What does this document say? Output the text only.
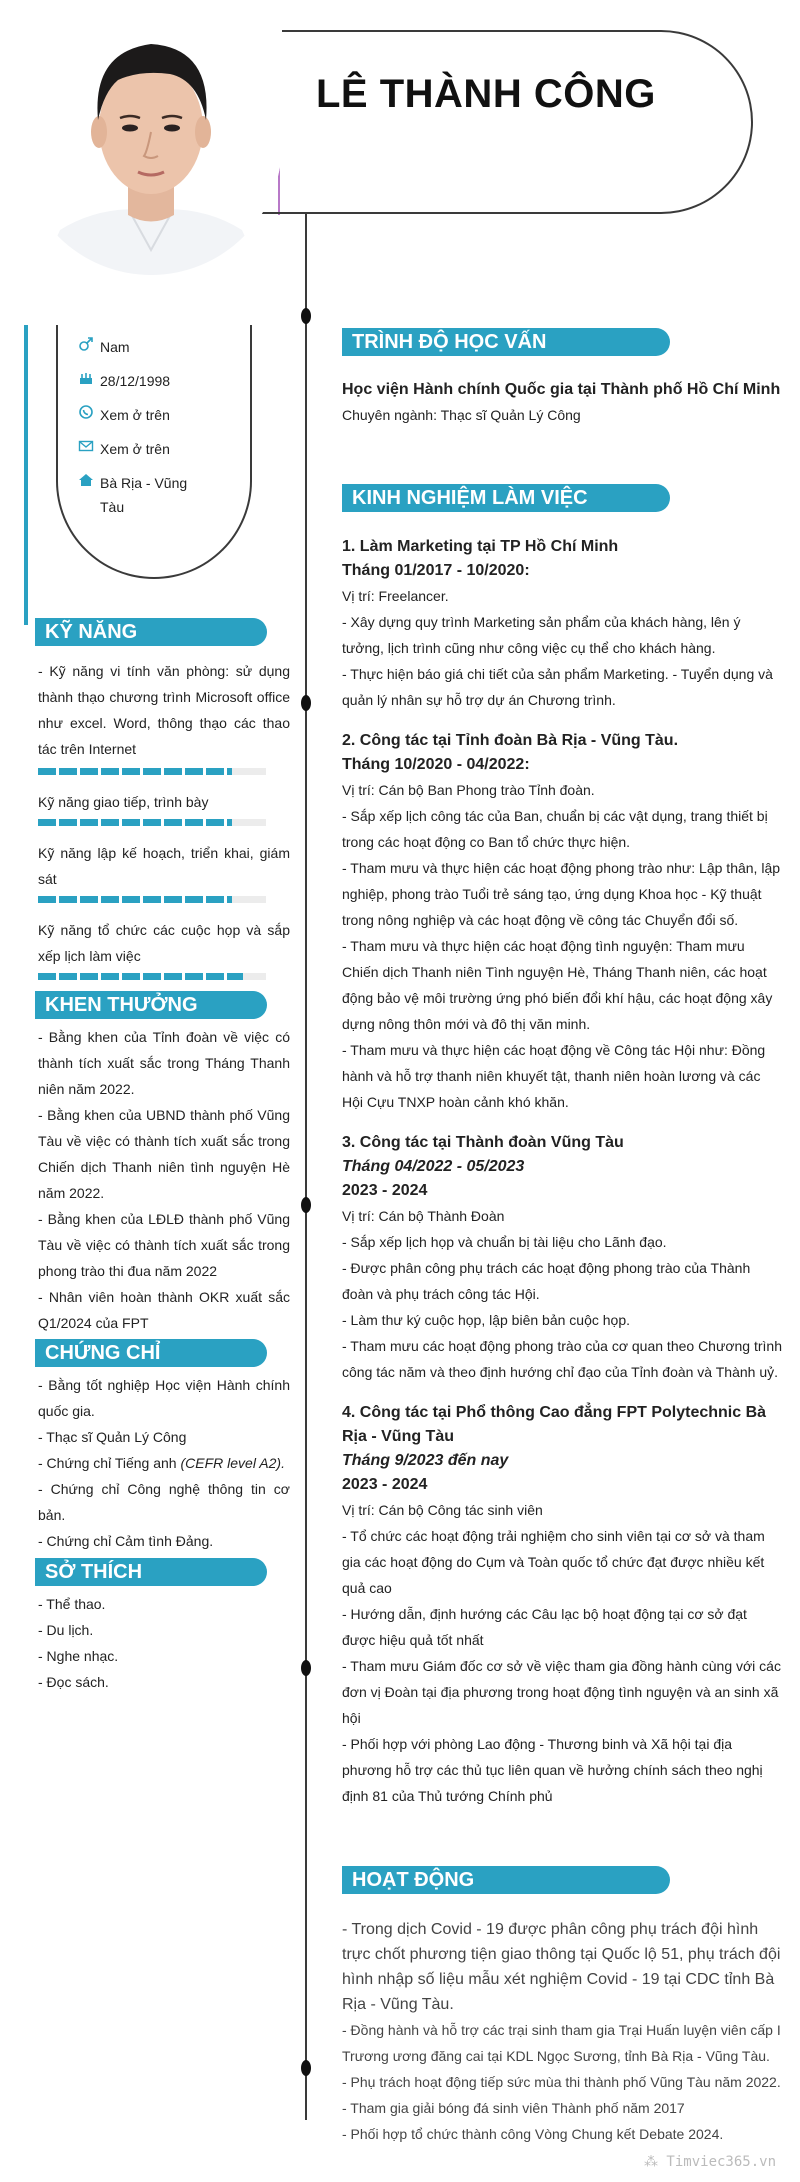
LÊ THÀNH CÔNG
Nam
28/12/1998
Xem ở trên
Xem ở trên
Bà Rịa - Vũng Tàu
KỸ NĂNG

- Kỹ năng vi tính văn phòng: sử dụng thành thạo chương trình Microsoft office như excel. Word, thông thạo các thao tác trên Internet

Kỹ năng giao tiếp, trình bày

Kỹ năng lập kế hoạch, triển khai, giám sát

Kỹ năng tổ chức các cuộc họp và sắp xếp lịch làm việc

KHEN THƯỞNG

- Bằng khen của Tỉnh đoàn về việc có thành tích xuất sắc trong Tháng Thanh niên năm 2022.

- Bằng khen của UBND thành phố Vũng Tàu về việc có thành tích xuất sắc trong Chiến dịch Thanh niên tình nguyện Hè năm 2022.

- Bằng khen của LĐLĐ thành phố Vũng Tàu về việc có thành tích xuất sắc trong phong trào thi đua năm 2022

- Nhân viên hoàn thành OKR xuất sắc Q1/2024 của FPT

CHỨNG CHỈ

- Bằng tốt nghiệp Học viện Hành chính quốc gia.

- Thạc sĩ Quản Lý Công

- Chứng chỉ Tiếng anh (CEFR level A2).

- Chứng chỉ Công nghệ thông tin cơ bản.

- Chứng chỉ Cảm tình Đảng.

SỞ THÍCH

- Thể thao.

- Du lịch.

- Nghe nhạc.

- Đọc sách.

TRÌNH ĐỘ HỌC VẤN

Học viện Hành chính Quốc gia tại Thành phố Hồ Chí Minh

Chuyên ngành: Thạc sĩ Quản Lý Công

KINH NGHIỆM LÀM VIỆC

1. Làm Marketing tại TP Hồ Chí Minh

Tháng 01/2017 - 10/2020:

Vị trí: Freelancer.

- Xây dựng quy trình Marketing sản phẩm của khách hàng, lên ý tưởng, lịch trình cũng như công việc cụ thể cho khách hàng.

- Thực hiện báo giá chi tiết của sản phẩm Marketing. - Tuyển dụng và quản lý nhân sự hỗ trợ dự án Chương trình.

2. Công tác tại Tỉnh đoàn Bà Rịa - Vũng Tàu.

Tháng 10/2020 - 04/2022:

Vị trí: Cán bộ Ban Phong trào Tỉnh đoàn.

- Sắp xếp lịch công tác của Ban, chuẩn bị các vật dụng, trang thiết bị trong các hoạt động co Ban tổ chức thực hiện.

- Tham mưu và thực hiện các hoạt động phong trào như: Lập thân, lập nghiệp, phong trào Tuổi trẻ sáng tạo, ứng dụng Khoa học - Kỹ thuật trong nông nghiệp và các hoạt động về công tác Chuyển đổi số.

- Tham mưu và thực hiện các hoạt động tình nguyện: Tham mưu Chiến dịch Thanh niên Tình nguyện Hè, Tháng Thanh niên, các hoạt động bảo vệ môi trường ứng phó biến đổi khí hậu, các hoạt động xây dựng nông thôn mới và đô thị văn minh.

- Tham mưu và thực hiện các hoạt động về Công tác Hội như: Đồng hành và hỗ trợ thanh niên khuyết tật, thanh niên hoàn lương và các Hội Cựu TNXP hoàn cảnh khó khăn.

3. Công tác tại Thành đoàn Vũng Tàu

Tháng 04/2022 - 05/2023

2023 - 2024

Vị trí: Cán bộ Thành Đoàn

- Sắp xếp lịch họp và chuẩn bị tài liệu cho Lãnh đạo.

- Được phân công phụ trách các hoạt động phong trào của Thành đoàn và phụ trách công tác Hội.

- Làm thư ký cuộc họp, lập biên bản cuộc họp.

- Tham mưu các hoạt động phong trào của cơ quan theo Chương trình công tác năm và theo định hướng chỉ đạo của Tỉnh đoàn và Thành uỷ.

4. Công tác tại Phổ thông Cao đẳng FPT Polytechnic Bà Rịa - Vũng Tàu

Tháng 9/2023 đến nay

2023 - 2024

Vị trí: Cán bộ Công tác sinh viên

- Tổ chức các hoạt động trải nghiệm cho sinh viên tại cơ sở và tham gia các hoạt động do Cụm và Toàn quốc tổ chức đạt được nhiều kết quả cao

- Hướng dẫn, định hướng các Câu lạc bộ hoạt động tại cơ sở đạt được hiệu quả tốt nhất

- Tham mưu Giám đốc cơ sở về việc tham gia đồng hành cùng với các đơn vị Đoàn tại địa phương trong hoạt động tình nguyện và an sinh xã hội

- Phối hợp với phòng Lao động - Thương binh và Xã hội tại địa phương hỗ trợ các thủ tục liên quan về hưởng chính sách theo nghị định 81 của Thủ tướng Chính phủ

HOẠT ĐỘNG

- Trong dịch Covid - 19 được phân công phụ trách đội hình trực chốt phương tiện giao thông tại Quốc lộ 51, phụ trách đội hình nhập số liệu mẫu xét nghiệm Covid - 19 tại CDC tỉnh Bà Rịa - Vũng Tàu.

- Đồng hành và hỗ trợ các trại sinh tham gia Trại Huấn luyện viên cấp I Trương ương đăng cai tại KDL Ngọc Sương, tỉnh Bà Rịa - Vũng Tàu.

- Phụ trách hoạt động tiếp sức mùa thi thành phố Vũng Tàu năm 2022.

- Tham gia giải bóng đá sinh viên Thành phố năm 2017

- Phối hợp tổ chức thành công Vòng Chung kết Debate 2024.

⁂ Timviec365.vn
